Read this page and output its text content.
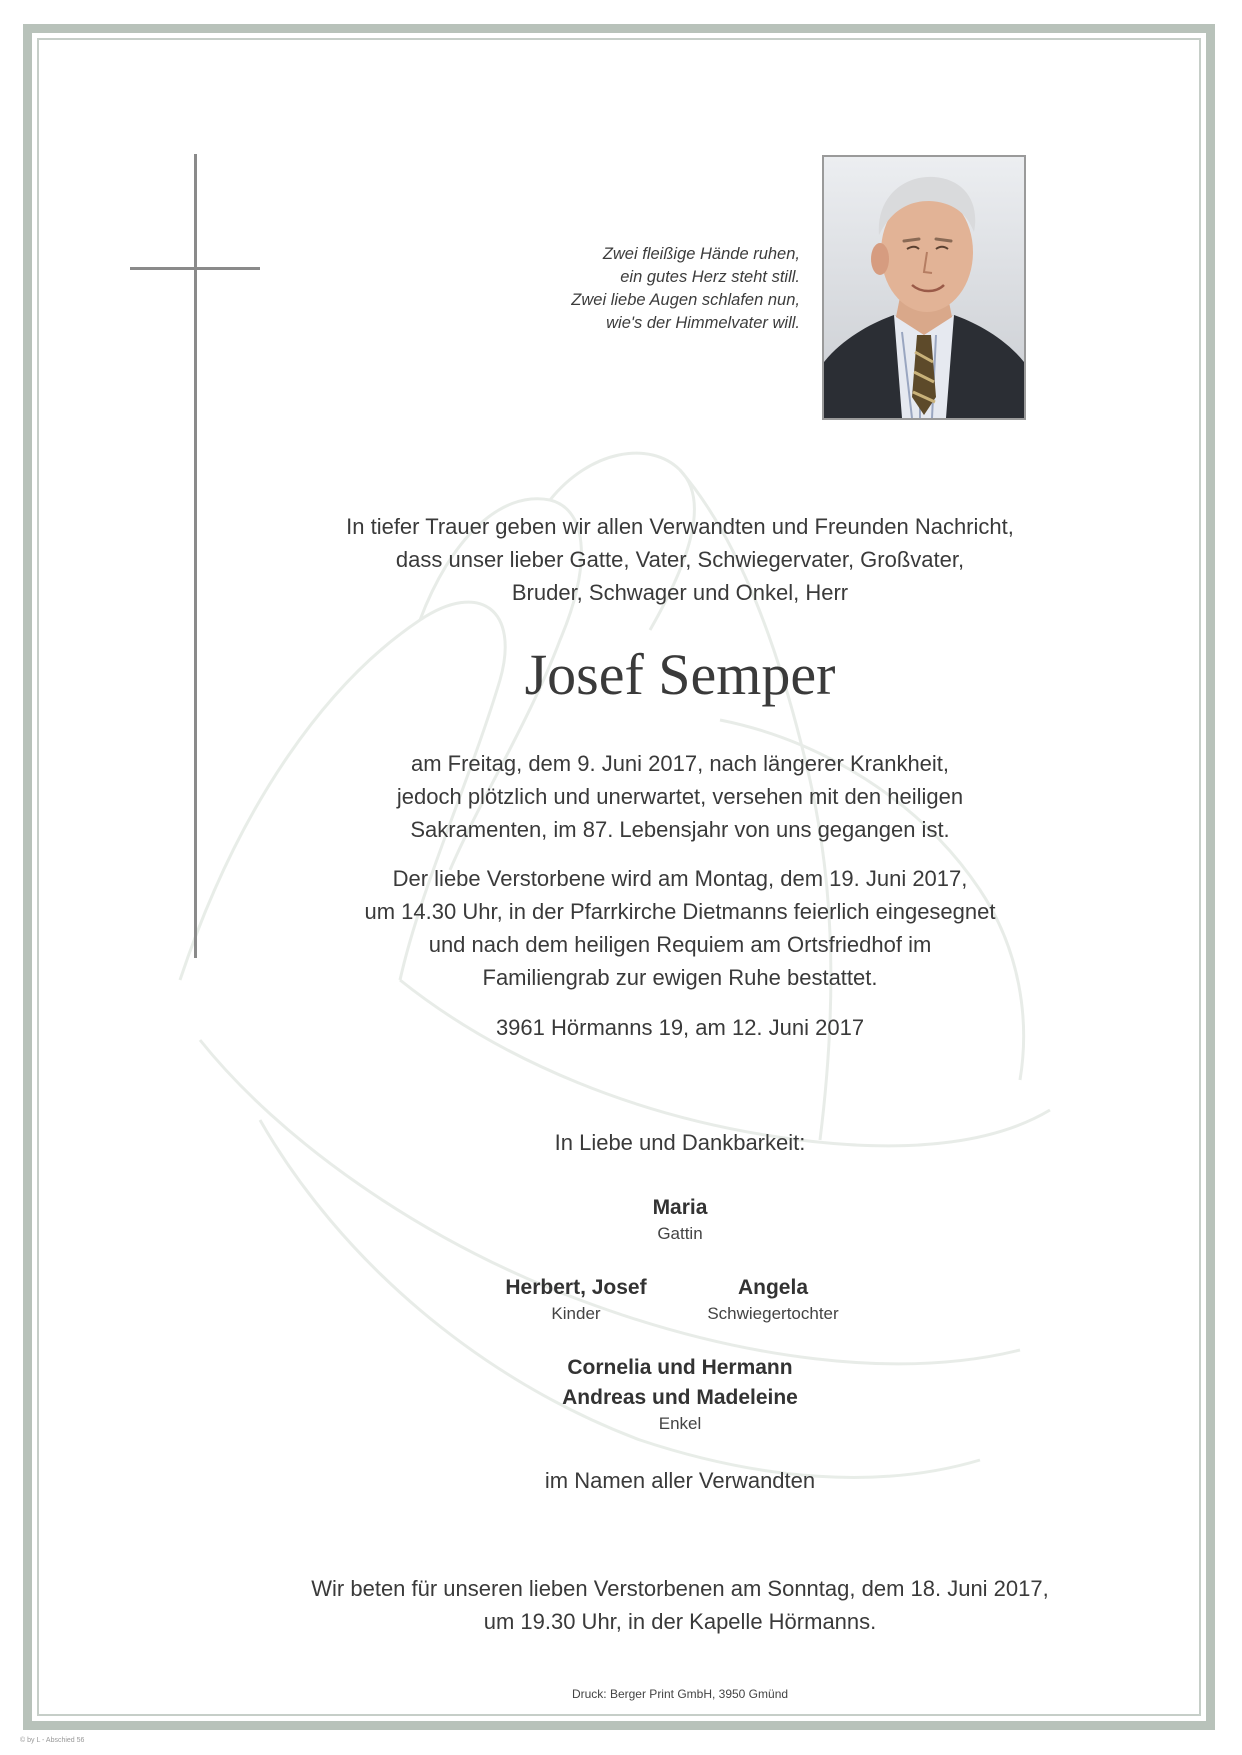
Zwei fleißige Hände ruhen,
ein gutes Herz steht still.
Zwei liebe Augen schlafen nun,
wie's der Himmelvater will.
In tiefer Trauer geben wir allen Verwandten und Freunden Nachricht,
dass unser lieber Gatte, Vater, Schwiegervater, Großvater,
Bruder, Schwager und Onkel, Herr
Josef Semper
am Freitag, dem 9. Juni 2017, nach längerer Krankheit,
jedoch plötzlich und unerwartet, versehen mit den heiligen
Sakramenten, im 87. Lebensjahr von uns gegangen ist.
Der liebe Verstorbene wird am Montag, dem 19. Juni 2017,
um 14.30 Uhr, in der Pfarrkirche Dietmanns feierlich eingesegnet
und nach dem heiligen Requiem am Ortsfriedhof im
Familiengrab zur ewigen Ruhe bestattet.
3961 Hörmanns 19, am 12. Juni 2017
In Liebe und Dankbarkeit:
Maria
Gattin
Herbert, Josef
Kinder
Angela
Schwiegertochter
Cornelia und Hermann
Andreas und Madeleine
Enkel
im Namen aller Verwandten
Wir beten für unseren lieben Verstorbenen am Sonntag, dem 18. Juni 2017,
um 19.30 Uhr, in der Kapelle Hörmanns.
Druck: Berger Print GmbH, 3950 Gmünd
© by L - Abschied 56
